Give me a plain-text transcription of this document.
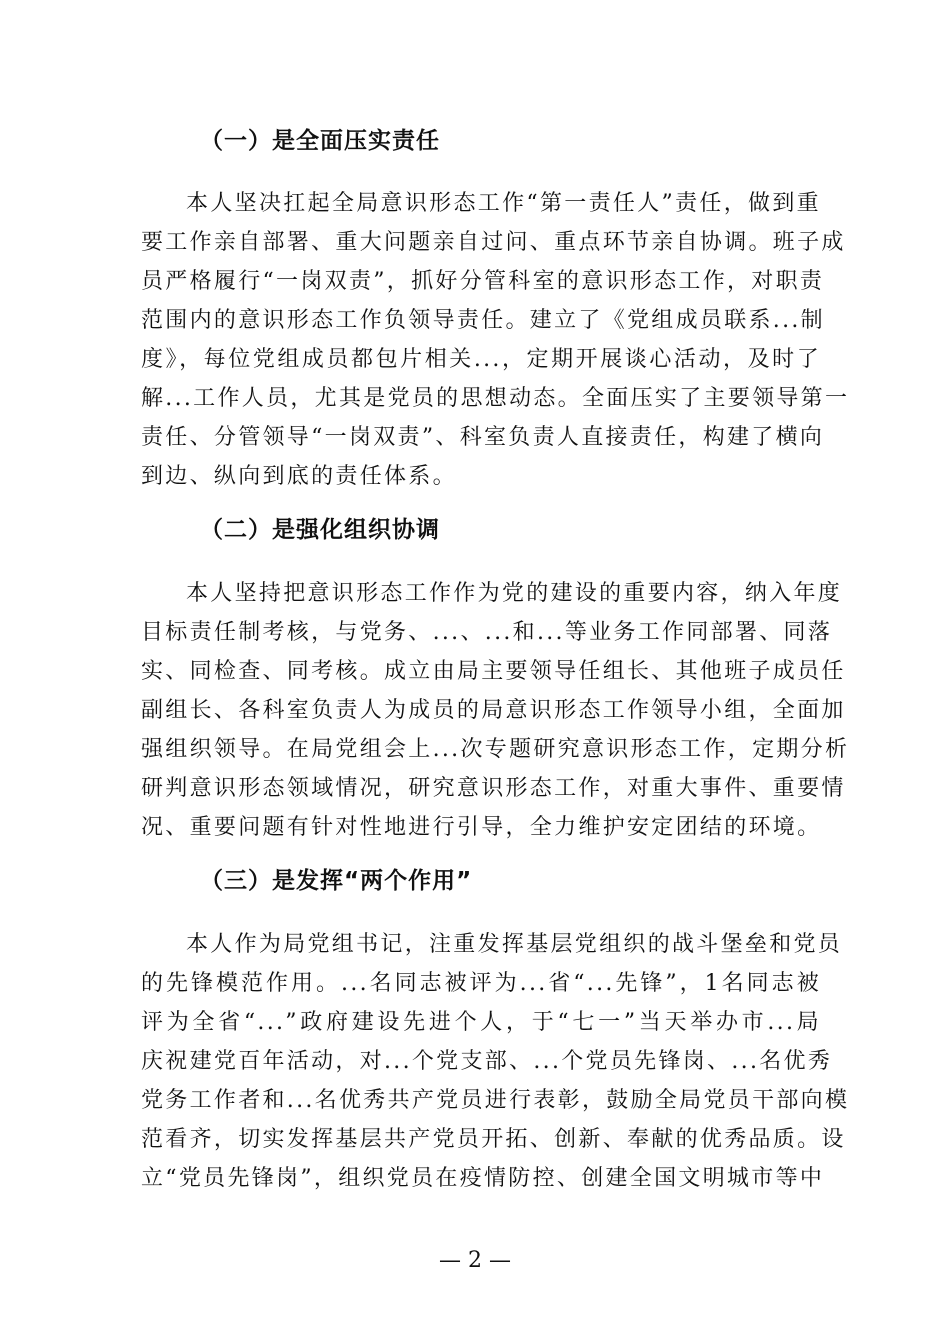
（一）是全面压实责任
本人坚决扛起全局意识形态工作“第一责任人”责任，做到重
要工作亲自部署、重大问题亲自过问、重点环节亲自协调。班子成
员严格履行“一岗双责”，抓好分管科室的意识形态工作，对职责
范围内的意识形态工作负领导责任。建立了《党组成员联系...制
度》，每位党组成员都包片相关...，定期开展谈心活动，及时了
解...工作人员，尤其是党员的思想动态。全面压实了主要领导第一
责任、分管领导“一岗双责”、科室负责人直接责任，构建了横向
到边、纵向到底的责任体系。
（二）是强化组织协调
本人坚持把意识形态工作作为党的建设的重要内容，纳入年度
目标责任制考核，与党务、...、...和...等业务工作同部署、同落
实、同检查、同考核。成立由局主要领导任组长、其他班子成员任
副组长、各科室负责人为成员的局意识形态工作领导小组，全面加
强组织领导。在局党组会上...次专题研究意识形态工作，定期分析
研判意识形态领域情况，研究意识形态工作，对重大事件、重要情
况、重要问题有针对性地进行引导，全力维护安定团结的环境。
（三）是发挥“两个作用”
本人作为局党组书记，注重发挥基层党组织的战斗堡垒和党员
的先锋模范作用。...名同志被评为...省“...先锋”，1名同志被
评为全省“...”政府建设先进个人，于“七一”当天举办市...局
庆祝建党百年活动，对...个党支部、...个党员先锋岗、...名优秀
党务工作者和...名优秀共产党员进行表彰，鼓励全局党员干部向模
范看齐，切实发挥基层共产党员开拓、创新、奉献的优秀品质。设
立“党员先锋岗”，组织党员在疫情防控、创建全国文明城市等中
— 2 —
